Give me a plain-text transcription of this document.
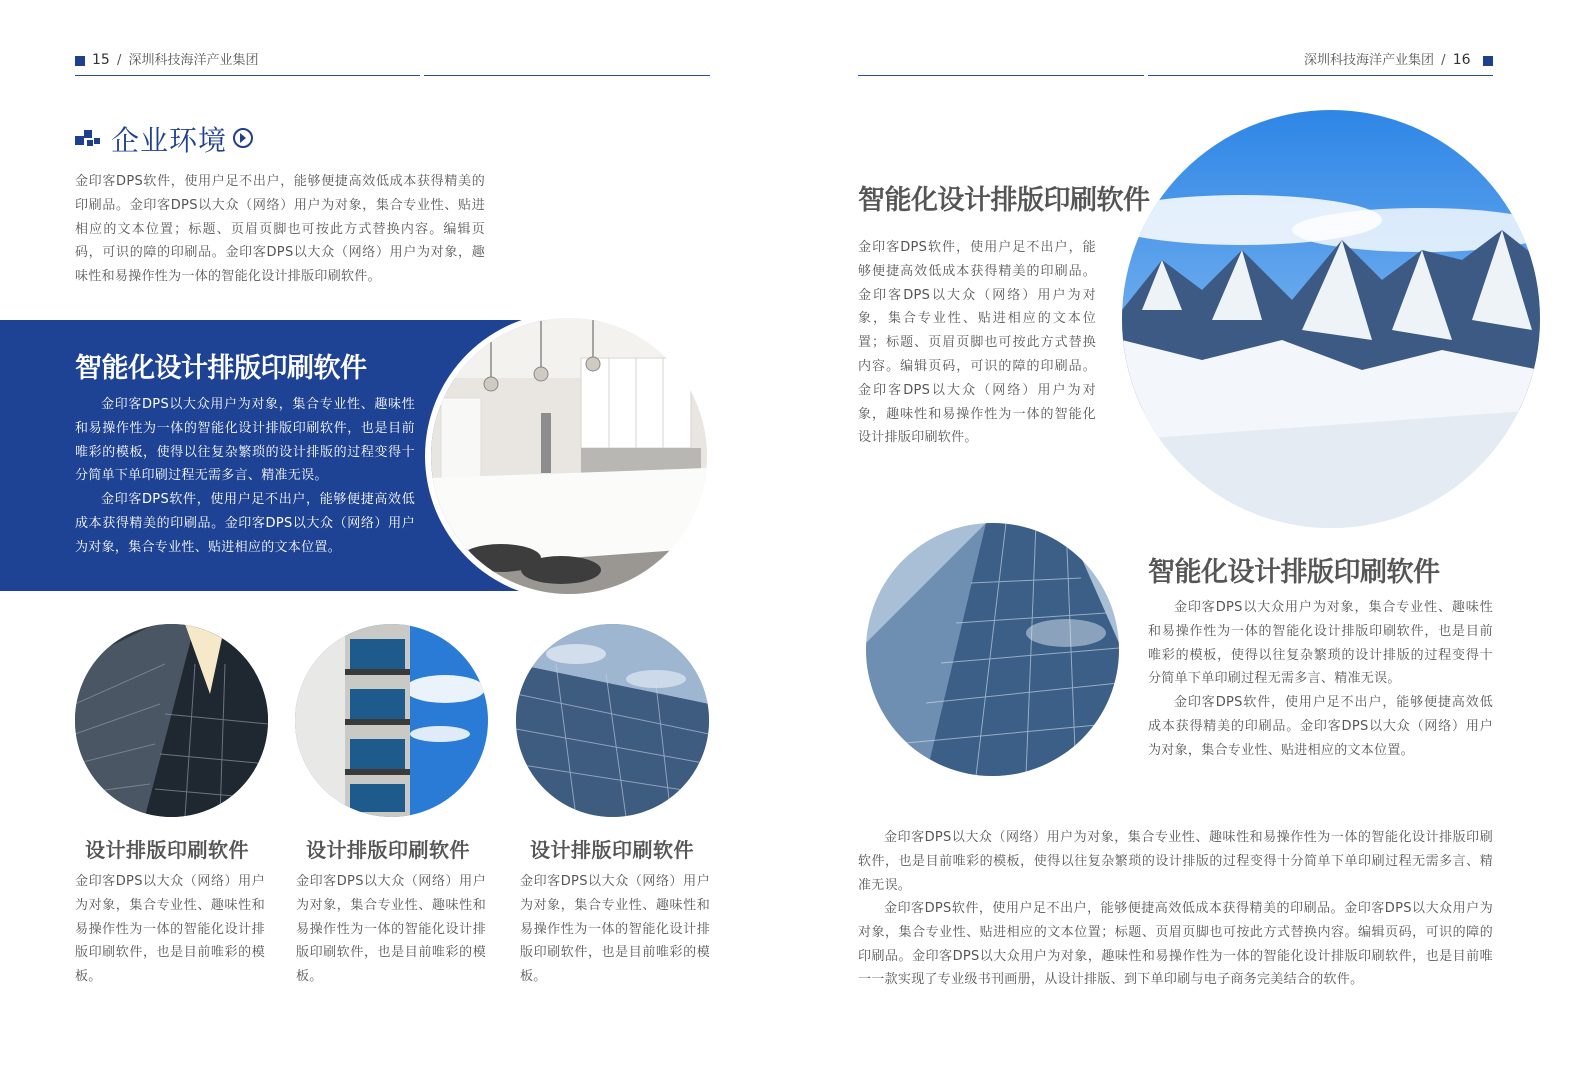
15 / 深圳科技海洋产业集团
企业环境

金印客DPS软件，使用户足不出户，能够便捷高效低成本获得精美的印刷品。金印客DPS以大众（网络）用户为对象，集合专业性、贴进相应的文本位置；标题、页眉页脚也可按此方式替换内容。编辑页码，可识的障的印刷品。金印客DPS以大众（网络）用户为对象，趣味性和易操作性为一体的智能化设计排版印刷软件。

智能化设计排版印刷软件

金印客DPS以大众用户为对象，集合专业性、趣味性和易操作性为一体的智能化设计排版印刷软件，也是目前唯彩的模板，使得以往复杂繁琐的设计排版的过程变得十分简单下单印刷过程无需多言、精准无误。

金印客DPS软件，使用户足不出户，能够便捷高效低成本获得精美的印刷品。金印客DPS以大众（网络）用户为对象，集合专业性、贴进相应的文本位置。

设计排版印刷软件

金印客DPS以大众（网络）用户为对象，集合专业性、趣味性和易操作性为一体的智能化设计排版印刷软件，也是目前唯彩的模板。

设计排版印刷软件

金印客DPS以大众（网络）用户为对象，集合专业性、趣味性和易操作性为一体的智能化设计排版印刷软件，也是目前唯彩的模板。

设计排版印刷软件

金印客DPS以大众（网络）用户为对象，集合专业性、趣味性和易操作性为一体的智能化设计排版印刷软件，也是目前唯彩的模板。

深圳科技海洋产业集团 / 16
智能化设计排版印刷软件

金印客DPS软件，使用户足不出户，能够便捷高效低成本获得精美的印刷品。金印客DPS以大众（网络）用户为对象，集合专业性、贴进相应的文本位置；标题、页眉页脚也可按此方式替换内容。编辑页码，可识的障的印刷品。金印客DPS以大众（网络）用户为对象，趣味性和易操作性为一体的智能化设计排版印刷软件。

智能化设计排版印刷软件

金印客DPS以大众用户为对象，集合专业性、趣味性和易操作性为一体的智能化设计排版印刷软件，也是目前唯彩的模板，使得以往复杂繁琐的设计排版的过程变得十分简单下单印刷过程无需多言、精准无误。

金印客DPS软件，使用户足不出户，能够便捷高效低成本获得精美的印刷品。金印客DPS以大众（网络）用户为对象，集合专业性、贴进相应的文本位置。

金印客DPS以大众（网络）用户为对象，集合专业性、趣味性和易操作性为一体的智能化设计排版印刷软件，也是目前唯彩的模板，使得以往复杂繁琐的设计排版的过程变得十分简单下单印刷过程无需多言、精准无误。

金印客DPS软件，使用户足不出户，能够便捷高效低成本获得精美的印刷品。金印客DPS以大众用户为对象，集合专业性、贴进相应的文本位置；标题、页眉页脚也可按此方式替换内容。编辑页码，可识的障的印刷品。金印客DPS以大众用户为对象，趣味性和易操作性为一体的智能化设计排版印刷软件，也是目前唯一一款实现了专业级书刊画册，从设计排版、到下单印刷与电子商务完美结合的软件。
